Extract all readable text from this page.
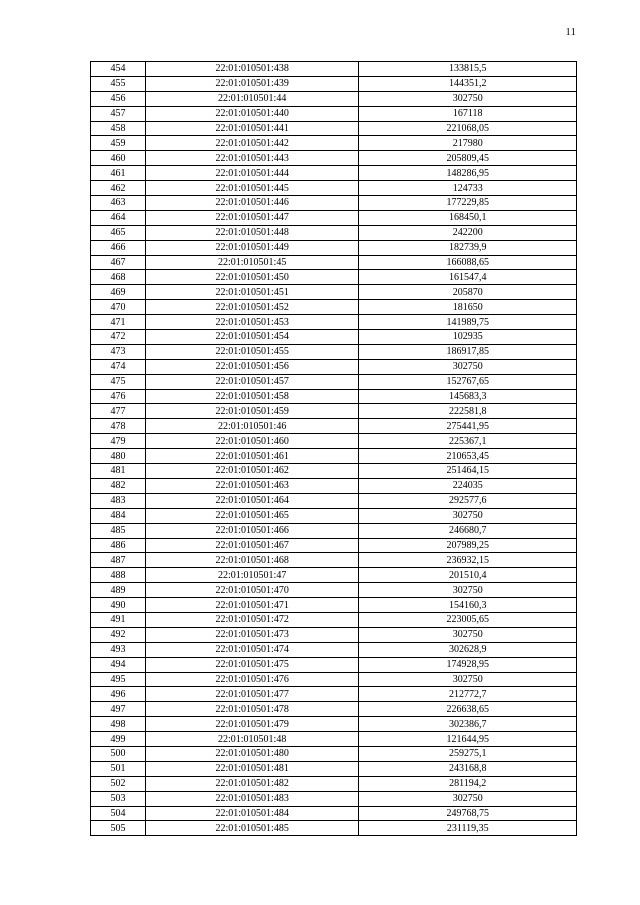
11
454	22:01:010501:438	133815,5
455	22:01:010501:439	144351,2
456	22:01:010501:44	302750
457	22:01:010501:440	167118
458	22:01:010501:441	221068,05
459	22:01:010501:442	217980
460	22:01:010501:443	205809,45
461	22:01:010501:444	148286,95
462	22:01:010501:445	124733
463	22:01:010501:446	177229,85
464	22:01:010501:447	168450,1
465	22:01:010501:448	242200
466	22:01:010501:449	182739,9
467	22:01:010501:45	166088,65
468	22:01:010501:450	161547,4
469	22:01:010501:451	205870
470	22:01:010501:452	181650
471	22:01:010501:453	141989,75
472	22:01:010501:454	102935
473	22:01:010501:455	186917,85
474	22:01:010501:456	302750
475	22:01:010501:457	152767,65
476	22:01:010501:458	145683,3
477	22:01:010501:459	222581,8
478	22:01:010501:46	275441,95
479	22:01:010501:460	225367,1
480	22:01:010501:461	210653,45
481	22:01:010501:462	251464,15
482	22:01:010501:463	224035
483	22:01:010501:464	292577,6
484	22:01:010501:465	302750
485	22:01:010501:466	246680,7
486	22:01:010501:467	207989,25
487	22:01:010501:468	236932,15
488	22:01:010501:47	201510,4
489	22:01:010501:470	302750
490	22:01:010501:471	154160,3
491	22:01:010501:472	223005,65
492	22:01:010501:473	302750
493	22:01:010501:474	302628,9
494	22:01:010501:475	174928,95
495	22:01:010501:476	302750
496	22:01:010501:477	212772,7
497	22:01:010501:478	226638,65
498	22:01:010501:479	302386,7
499	22:01:010501:48	121644,95
500	22:01:010501:480	259275,1
501	22:01:010501:481	243168,8
502	22:01:010501:482	281194,2
503	22:01:010501:483	302750
504	22:01:010501:484	249768,75
505	22:01:010501:485	231119,35
